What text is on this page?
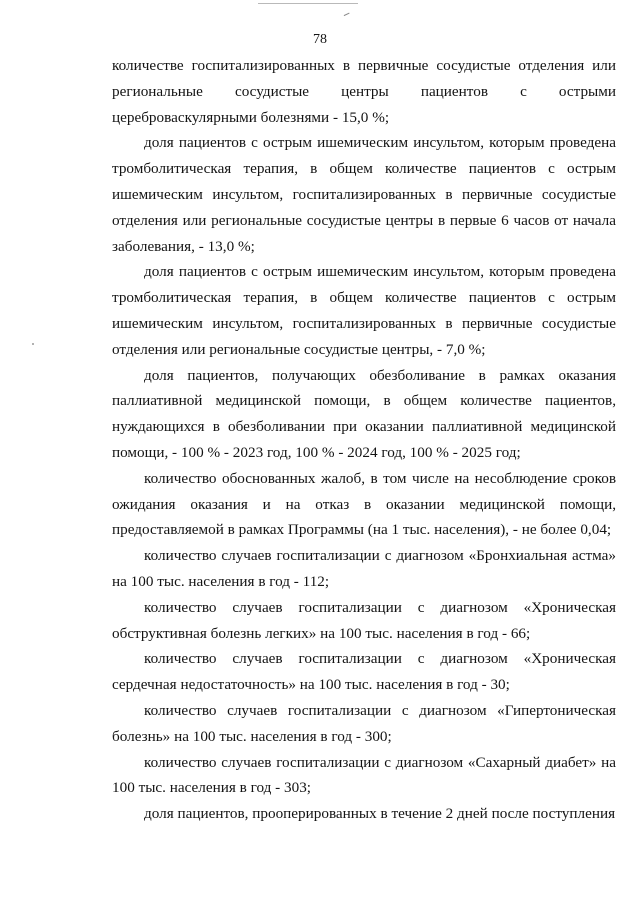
78

количестве госпитализированных в первичные сосудистые отделения или региональные сосудистые центры пациентов с острыми цереброваскулярными болезнями - 15,0 %;

доля пациентов с острым ишемическим инсультом, которым проведена тромболитическая терапия, в общем количестве пациентов с острым ишемическим инсультом, госпитализированных в первичные сосудистые отделения или региональные сосудистые центры в первые 6 часов от начала заболевания, - 13,0 %;

доля пациентов с острым ишемическим инсультом, которым проведена тромболитическая терапия, в общем количестве пациентов с острым ишемическим инсультом, госпитализированных в первичные сосудистые отделения или региональные сосудистые центры, - 7,0 %;

доля пациентов, получающих обезболивание в рамках оказания паллиативной медицинской помощи, в общем количестве пациентов, нуждающихся в обезболивании при оказании паллиативной медицинской помощи, - 100 % - 2023 год, 100 % - 2024 год, 100 % - 2025 год;

количество обоснованных жалоб, в том числе на несоблюдение сроков ожидания оказания и на отказ в оказании медицинской помощи, предоставляемой в рамках Программы (на 1 тыс. населения), - не более 0,04;

количество случаев госпитализации с диагнозом «Бронхиальная астма» на 100 тыс. населения в год - 112;

количество случаев госпитализации с диагнозом «Хроническая обструктивная болезнь легких» на 100 тыс. населения в год - 66;

количество случаев госпитализации с диагнозом «Хроническая сердечная недостаточность» на 100 тыс. населения в год - 30;

количество случаев госпитализации с диагнозом «Гипертоническая болезнь» на 100 тыс. населения в год - 300;

количество случаев госпитализации с диагнозом «Сахарный диабет» на 100 тыс. населения в год - 303;

доля пациентов, прооперированных в течение 2 дней после поступления
